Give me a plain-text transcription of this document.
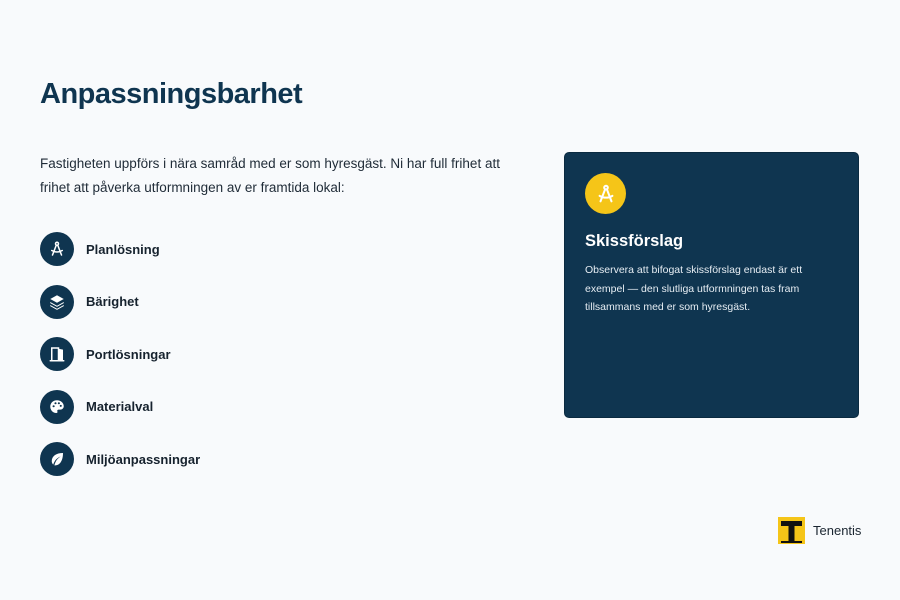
Anpassningsbarhet

Fastigheten uppförs i nära samråd med er som hyresgäst. Ni har full frihet att frihet att påverka utformningen av er framtida lokal:

Planlösning
Bärighet
Portlösningar
Materialval
Miljöanpassningar
Skissförslag
Observera att bifogat skissförslag endast är ett exempel — den slutliga utformningen tas fram tillsammans med er som hyresgäst.
Tenentis
